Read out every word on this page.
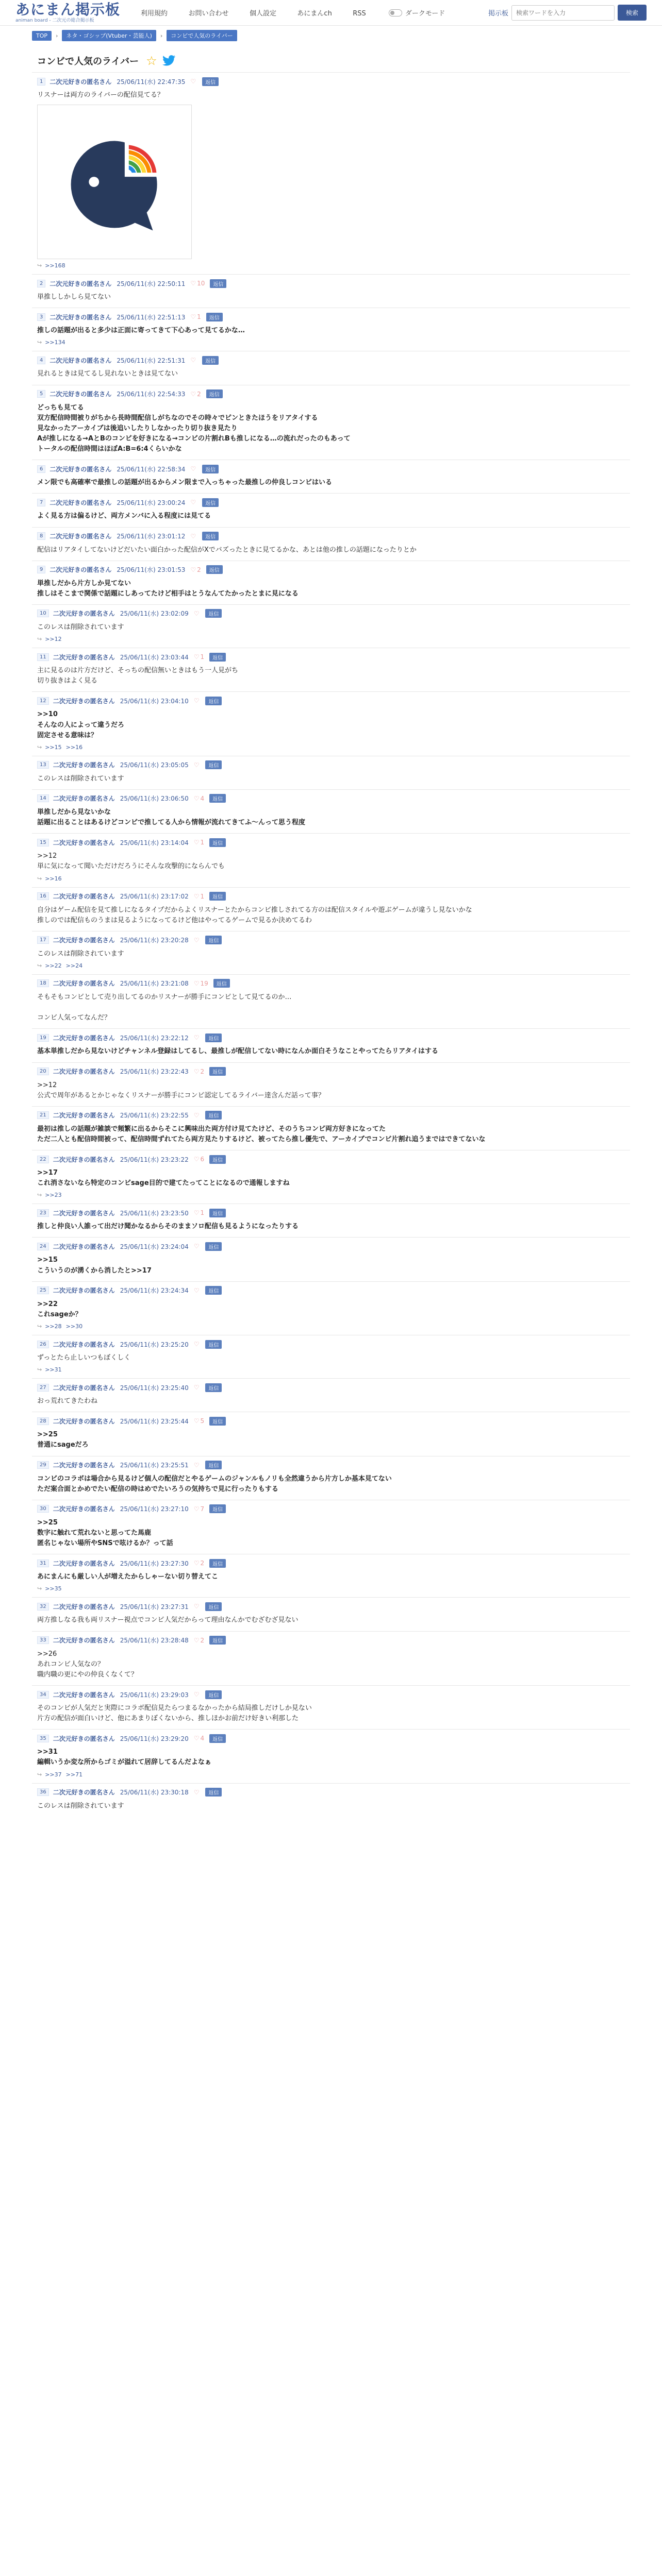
あにまん掲示板
animan board - 二次元の総合掲示板
利用規約	お問い合わせ	個人設定	あにまんch	RSS	ダークモード	掲示板
検索ワードを入力	検索
TOP	›	ネタ・ゴシップ(Vtuber・芸能人)	›	コンビで人気のライバー
コンビで人気のライバー ☆
1	二次元好きの匿名さん 25/06/11(水) 22:47:35 ♡	返信
リスナーは両方のライバーの配信見てる？
↪ >>168
2	二次元好きの匿名さん 25/06/11(水) 22:50:11 ♡ 10	返信
単推ししかしら見てない
3	二次元好きの匿名さん 25/06/11(水) 22:51:13 ♡ 1	返信
推しの話題が出ると多少は正面に寄ってきて下心あって見てるかな…
↪ >>134
4	二次元好きの匿名さん 25/06/11(水) 22:51:31 ♡	返信
見れるときは見てるし見れないときは見てない
5	二次元好きの匿名さん 25/06/11(水) 22:54:33 ♡ 2	返信
どっちも見てる
双方配信時間被りがちから長時間配信しがちなのでその時々でピンときたほうをリアタイする
見なかったアーカイブは後追いしたりしなかったり切り抜き見たり
Aが推しになる→AとBのコンビを好きになる→コンビの片割れBも推しになる…の流れだったのもあって
トータルの配信時間はほぼA:B=6:4くらいかな
6	二次元好きの匿名さん 25/06/11(水) 22:58:34 ♡	返信
メン限でも高確率で最推しの話題が出るからメン限まで入っちゃった最推しの仲良しコンビはいる
7	二次元好きの匿名さん 25/06/11(水) 23:00:24 ♡	返信
よく見る方は偏るけど、両方メンバに入る程度には見てる
8	二次元好きの匿名さん 25/06/11(水) 23:01:12 ♡	返信
配信はリアタイしてないけどだいたい面白かった配信がXでバズったときに見てるかな、あとは他の推しの話題になったりとか
9	二次元好きの匿名さん 25/06/11(水) 23:01:53 ♡ 2	返信
単推しだから片方しか見てない
推しはそこまで関係で話題にしあってたけど相手はとうなんてたかったとまに見になる
10	二次元好きの匿名さん 25/06/11(水) 23:02:09 ♡	返信
このレスは削除されています
↪ >>12
11	二次元好きの匿名さん 25/06/11(水) 23:03:44 ♡ 1	返信
主に見るのは片方だけど、そっちの配信無いときはもう一人見がち
切り抜きはよく見る
12	二次元好きの匿名さん 25/06/11(水) 23:04:10 ♡	返信
>>10
そんなの人によって違うだろ
固定させる意味は？
↪ >>15 >>16
13	二次元好きの匿名さん 25/06/11(水) 23:05:05 ♡	返信
このレスは削除されています
14	二次元好きの匿名さん 25/06/11(水) 23:06:50 ♡ 4	返信
単推しだから見ないかな
話題に出ることはあるけどコンビで推してる人から情報が流れてきてふ〜んって思う程度
15	二次元好きの匿名さん 25/06/11(水) 23:14:04 ♡ 1	返信
>>12
単に気になって聞いただけだろうにそんな攻撃的にならんでも
↪ >>16
16	二次元好きの匿名さん 25/06/11(水) 23:17:02 ♡ 1	返信
自分はゲーム配信を見て推しになるタイプだからよくリスナーとたからコンビ推しされてる方のは配信スタイルや遊ぶゲームが違うし見ないかな
推しのでは配信ものうまは見るようになってるけど他はやってるゲームで見るか決めてるわ
17	二次元好きの匿名さん 25/06/11(水) 23:20:28 ♡	返信
このレスは削除されています
↪ >>22 >>24
18	二次元好きの匿名さん 25/06/11(水) 23:21:08 ♡ 19	返信
そもそもコンビとして売り出してるのかリスナーが勝手にコンビとして見てるのか…

コンビ人気ってなんだ？
19	二次元好きの匿名さん 25/06/11(水) 23:22:12 ♡	返信
基本単推しだから見ないけどチャンネル登録はしてるし、最推しが配信してない時になんか面白そうなことやってたらリアタイはする
20	二次元好きの匿名さん 25/06/11(水) 23:22:43 ♡ 2	返信
>>12
公式で周年があるとかじゃなくリスナーが勝手にコンビ認定してるライバー達含んだ話って事？
21	二次元好きの匿名さん 25/06/11(水) 23:22:55 ♡	返信
最初は推しの話題が雑談で頻繁に出るからそこに興味出た両方付け見てたけど、そのうちコンビ両方好きになってた
ただ二人とも配信時間被って、配信時間ずれてたら両方見たりするけど、被ってたら推し優先で、アーカイブでコンビ片割れ追うまではできてないな
22	二次元好きの匿名さん 25/06/11(水) 23:23:22 ♡ 6	返信
>>17
これ消さないなら特定のコンビsage目的で建てたってことになるので通報しますね
↪ >>23
23	二次元好きの匿名さん 25/06/11(水) 23:23:50 ♡ 1	返信
推しと仲良い人誰って出だけ聞かなるからそのままソロ配信も見るようになったりする
24	二次元好きの匿名さん 25/06/11(水) 23:24:04 ♡	返信
>>15
こういうのが湧くから消したと>>17
25	二次元好きの匿名さん 25/06/11(水) 23:24:34 ♡	返信
>>22
これsageか？
↪ >>28 >>30
26	二次元好きの匿名さん 25/06/11(水) 23:25:20 ♡	返信
ずっとたら止しいつもぼくしく
↪ >>31
27	二次元好きの匿名さん 25/06/11(水) 23:25:40 ♡	返信
おっ荒れてきたわね
28	二次元好きの匿名さん 25/06/11(水) 23:25:44 ♡ 5	返信
>>25
普通にsageだろ
29	二次元好きの匿名さん 25/06/11(水) 23:25:51 ♡	返信
コンビのコラボは場合から見るけど個人の配信だとやるゲームのジャンルもノリも全然違うから片方しか基本見てない
ただ案合面とかめでたい配信の時はめでたいろうの気持ちで見に行ったりもする
30	二次元好きの匿名さん 25/06/11(水) 23:27:10 ♡ 7	返信
>>25
数字に触れて荒れないと思ってた馬鹿
匿名じゃない場所やSNSで呟けるか？って話
31	二次元好きの匿名さん 25/06/11(水) 23:27:30 ♡ 2	返信
あにまんにも厳しい人が増えたからしゃーない切り替えてこ
↪ >>35
32	二次元好きの匿名さん 25/06/11(水) 23:27:31 ♡	返信
両方推しなる我も両リスナー視点でコンビ人気だからって理由なんかでむざむざ見ない
33	二次元好きの匿名さん 25/06/11(水) 23:28:48 ♡ 2	返信
>>26
あれコンビ人気なの？
職内職の更にやの仲良くなくて？
34	二次元好きの匿名さん 25/06/11(水) 23:29:03 ♡	返信
そのコンビが人気だと実際にコラボ配信見たらつまるなかったから結局推しだけしか見ない
片方の配信が面白いけど、他にあまりぼくないから、推しほかお前だけ好きい利那した
35	二次元好きの匿名さん 25/06/11(水) 23:29:20 ♡ 4	返信
>>31
編輯いうか変な所からゴミが溢れて居辞してるんだよなぁ
↪ >>37 >>71
36	二次元好きの匿名さん 25/06/11(水) 23:30:18 ♡	返信
このレスは削除されています
